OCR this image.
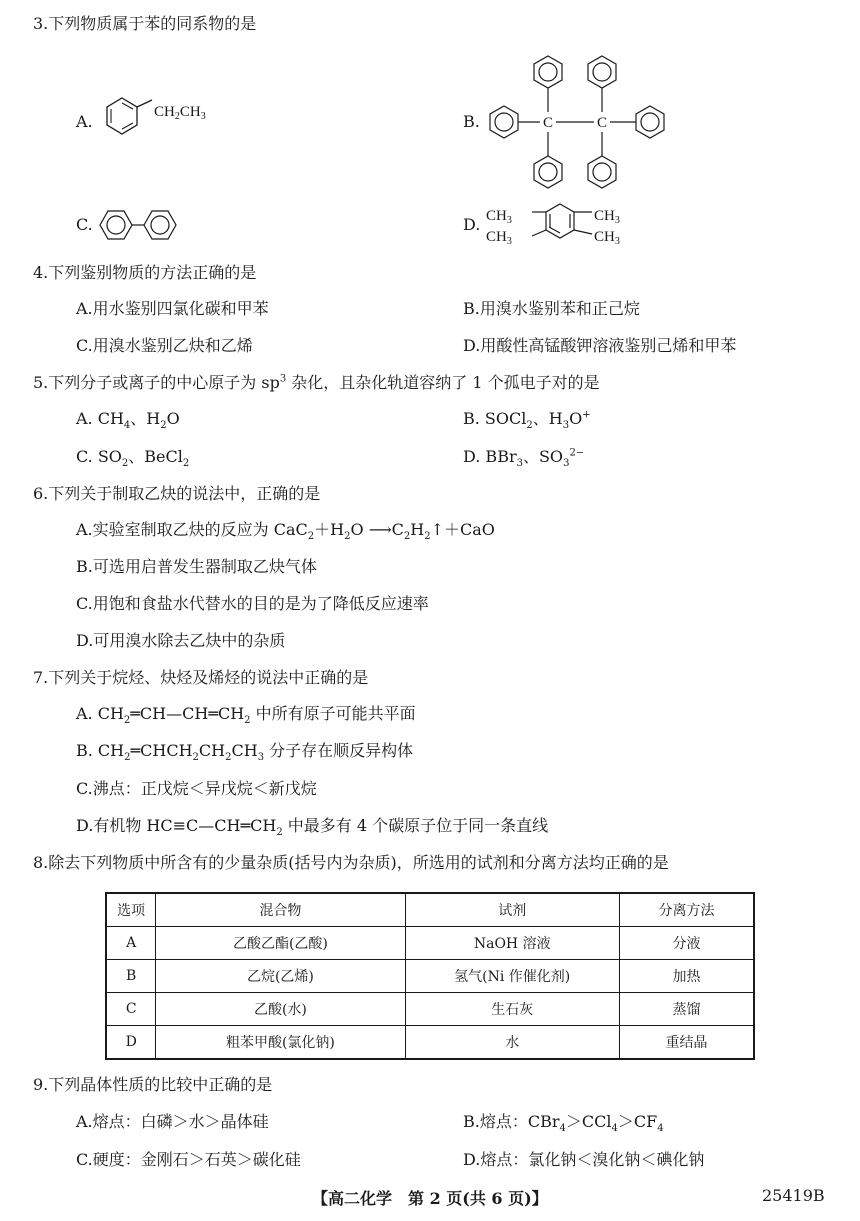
3.下列物质属于苯的同系物的是
A.	$CH_2CH_3$	B.	C	C
C.	D. $CH_3$
$CH_3$
$CH_3$
$CH_3$
4.下列鉴别物质的方法正确的是
A.用水鉴别四氯化碳和甲苯	B.用溴水鉴别苯和正己烷
C.用溴水鉴别乙炔和乙烯	D.用酸性高锰酸钾溶液鉴别己烯和甲苯
5.下列分子或离子的中心原子为 $sp^3$ 杂化，且杂化轨道容纳了 1 个孤电子对的是
A. $CH_4$、$H_2O$	B. SOCl$_2$、$H_3O^+$
C. $SO_2$、BeCl$_2$	D. BBr$_3$、$SO_3^{2-}$
6.下列关于制取乙炔的说法中，正确的是
A.实验室制取乙炔的反应为 $CaC_2+H_2O$ $⟶C_2H_2↑+CaO$
B.可选用启普发生器制取乙炔气体
C.用饱和食盐水代替水的目的是为了降低反应速率
D.可用溴水除去乙炔中的杂质
7.下列关于烷烃、炔烃及烯烃的说法中正确的是
A. $CH_2═CH—CH═CH_2$ 中所有原子可能共平面
B. $CH_2═CHCH_2CH_2CH_3$ 分子存在顺反异构体
C.沸点：正戊烷＜异戊烷＜新戊烷
D.有机物 $HC\equiv C—CH═CH_2$ 中最多有 4 个碳原子位于同一条直线
8.除去下列物质中所含有的少量杂质(括号内为杂质)，所选用的试剂和分离方法均正确的是
选项	混合物	试剂	分离方法
A	乙酸乙酯(乙酸)	NaOH 溶液	分液
B	乙烷(乙烯)	氢气(Ni 作催化剂)	加热
C	乙酸(水)	生石灰	蒸馏
D	粗苯甲酸(氯化钠)	水	重结晶
9.下列晶体性质的比较中正确的是
A.熔点：白磷＞水＞晶体硅	B.熔点：$CBr_4>CCl_4>CF_4$
C.硬度：金刚石＞石英＞碳化硅	D.熔点：氯化钠＜溴化钠＜碘化钠
【高二化学　第 2 页(共 6 页)】	25419B
